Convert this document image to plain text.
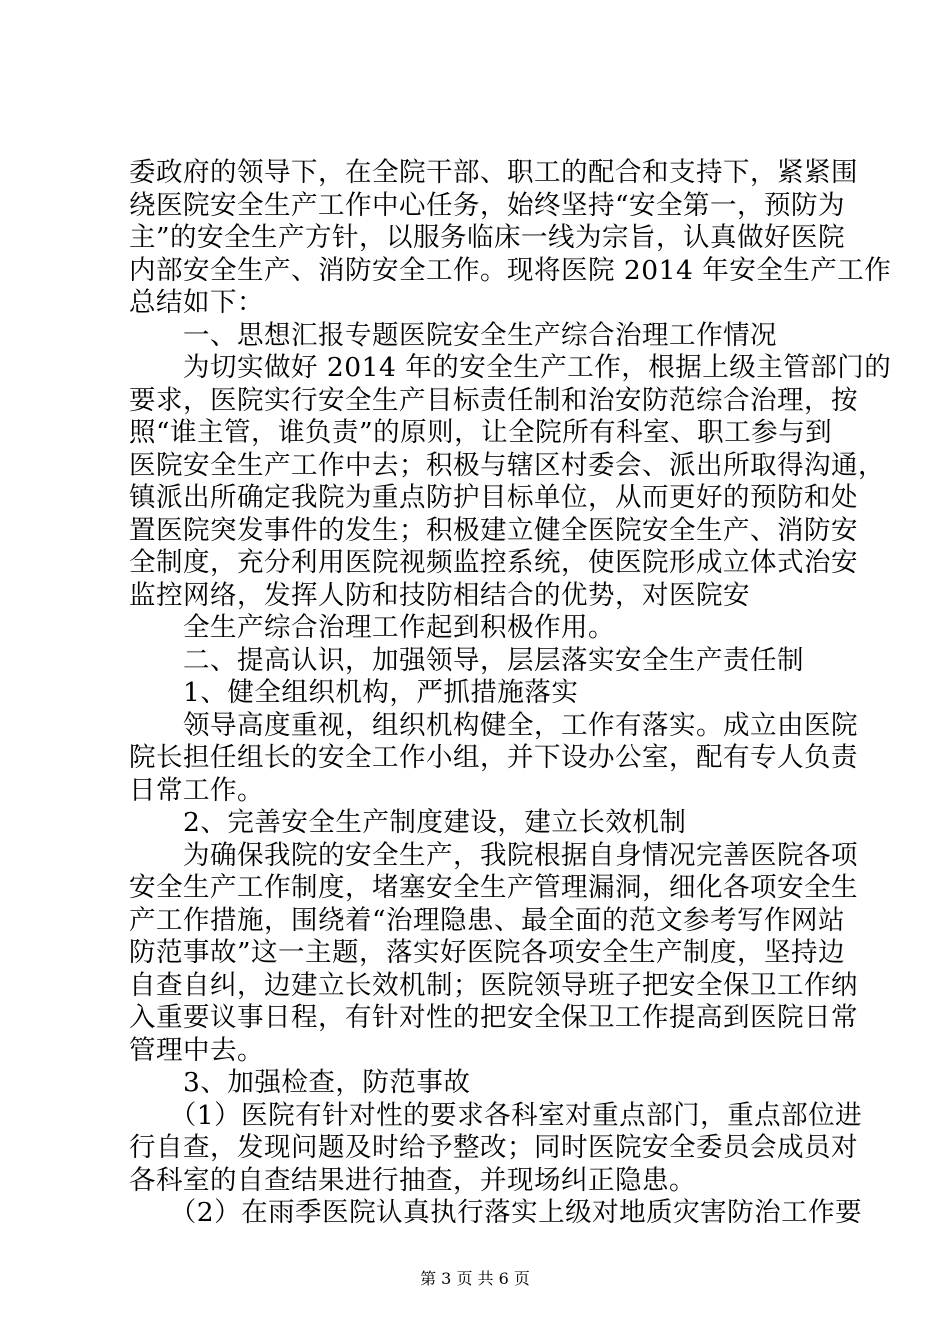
委政府的领导下，在全院干部、职工的配合和支持下，紧紧围
绕医院安全生产工作中心任务，始终坚持“安全第一，预防为
主”的安全生产方针，以服务临床一线为宗旨，认真做好医院
内部安全生产、消防安全工作。现将医院 2014 年安全生产工作
总结如下：
　　一、思想汇报专题医院安全生产综合治理工作情况
　　为切实做好 2014 年的安全生产工作，根据上级主管部门的
要求，医院实行安全生产目标责任制和治安防范综合治理，按
照“谁主管，谁负责”的原则，让全院所有科室、职工参与到
医院安全生产工作中去；积极与辖区村委会、派出所取得沟通，
镇派出所确定我院为重点防护目标单位，从而更好的预防和处
置医院突发事件的发生；积极建立健全医院安全生产、消防安
全制度，充分利用医院视频监控系统，使医院形成立体式治安
监控网络，发挥人防和技防相结合的优势，对医院安
　　全生产综合治理工作起到积极作用。
　　二、提高认识，加强领导，层层落实安全生产责任制
　　1、健全组织机构，严抓措施落实
　　领导高度重视，组织机构健全，工作有落实。成立由医院
院长担任组长的安全工作小组，并下设办公室，配有专人负责
日常工作。
　　2、完善安全生产制度建设，建立长效机制
　　为确保我院的安全生产，我院根据自身情况完善医院各项
安全生产工作制度，堵塞安全生产管理漏洞，细化各项安全生
产工作措施，围绕着“治理隐患、最全面的范文参考写作网站
防范事故”这一主题，落实好医院各项安全生产制度，坚持边
自查自纠，边建立长效机制；医院领导班子把安全保卫工作纳
入重要议事日程，有针对性的把安全保卫工作提高到医院日常
管理中去。
　　3、加强检查，防范事故
　　（1）医院有针对性的要求各科室对重点部门，重点部位进
行自查，发现问题及时给予整改；同时医院安全委员会成员对
第 3 页 共 6 页
各科室的自查结果进行抽查，并现场纠正隐患。
　　（2）在雨季医院认真执行落实上级对地质灾害防治工作要
